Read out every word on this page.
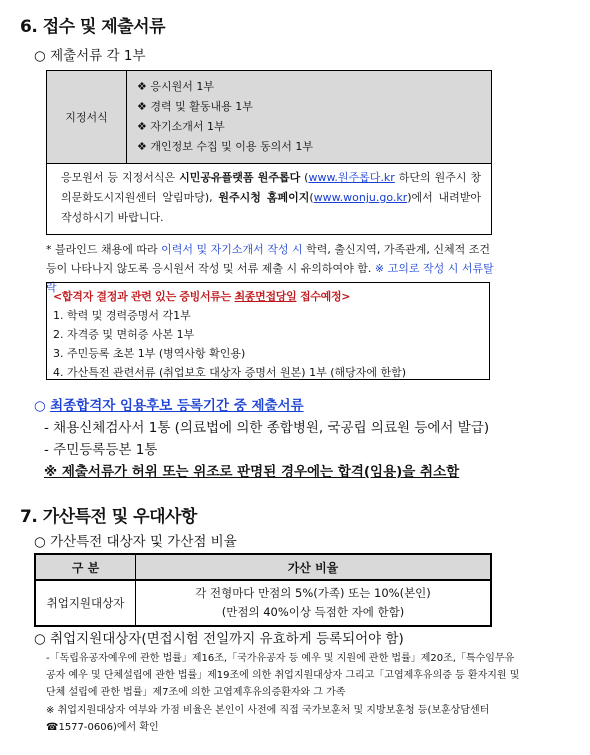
6. 접수 및 제출서류
○ 제출서류 각 1부
지정서식	
❖ 응시원서 1부
❖ 경력 및 활동내용 1부
❖ 자기소개서 1부
❖ 개인정보 수집 및 이용 동의서 1부

응모원서 등 지정서식은 시민공유플랫폼 원주롭다 (www.원주롭다.kr 하단의 원주시 창의문화도시지원센터 알림마당), 원주시청 홈페이지(www.wonju.go.kr)에서 내려받아 작성하시기 바랍니다.
* 블라인드 채용에 따라 이력서 및 자기소개서 작성 시 학력, 출신지역, 가족관계, 신체적 조건 등이 나타나지 않도록 응시원서 작성 및 서류 제출 시 유의하여야 함. ※ 고의로 작성 시 서류탈락
<합격자 결정과 관련 있는 증빙서류는 최종면접당일 접수예정>
1. 학력 및 경력증명서 각1부
2. 자격증 및 면허증 사본 1부
3. 주민등록 초본 1부 (병역사항 확인용)
4. 가산특전 관련서류 (취업보호 대상자 증명서 원본) 1부 (해당자에 한함)
○ 최종합격자 임용후보 등록기간 중 제출서류
- 채용신체검사서 1통 (의료법에 의한 종합병원, 국공립 의료원 등에서 발급)
- 주민등록등본 1통
※ 제출서류가 허위 또는 위조로 판명된 경우에는 합격(임용)을 취소함
7. 가산특전 및 우대사항
○ 가산특전 대상자 및 가산점 비율
구 분	가산 비율
취업지원대상자	각 전형마다 만점의 5%(가족) 또는 10%(본인)
(만점의 40%이상 득점한 자에 한함)
○ 취업지원대상자(면접시험 전일까지 유효하게 등록되어야 함)
-「독립유공자예우에 관한 법률」제16조,「국가유공자 등 예우 및 지원에 관한 법률」제20조,「특수임무유공자 예우 및 단체설립에 관한 법률」제19조에 의한 취업지원대상자 그리고「고엽제후유의증 등 환자지원 및 단체 설립에 관한 법률」제7조에 의한 고엽제후유의증환자와 그 가족
※ 취업지원대상자 여부와 가점 비율은 본인이 사전에 직접 국가보훈처 및 지방보훈청 등(보훈상담센터 ☎1577-0606)에서 확인
